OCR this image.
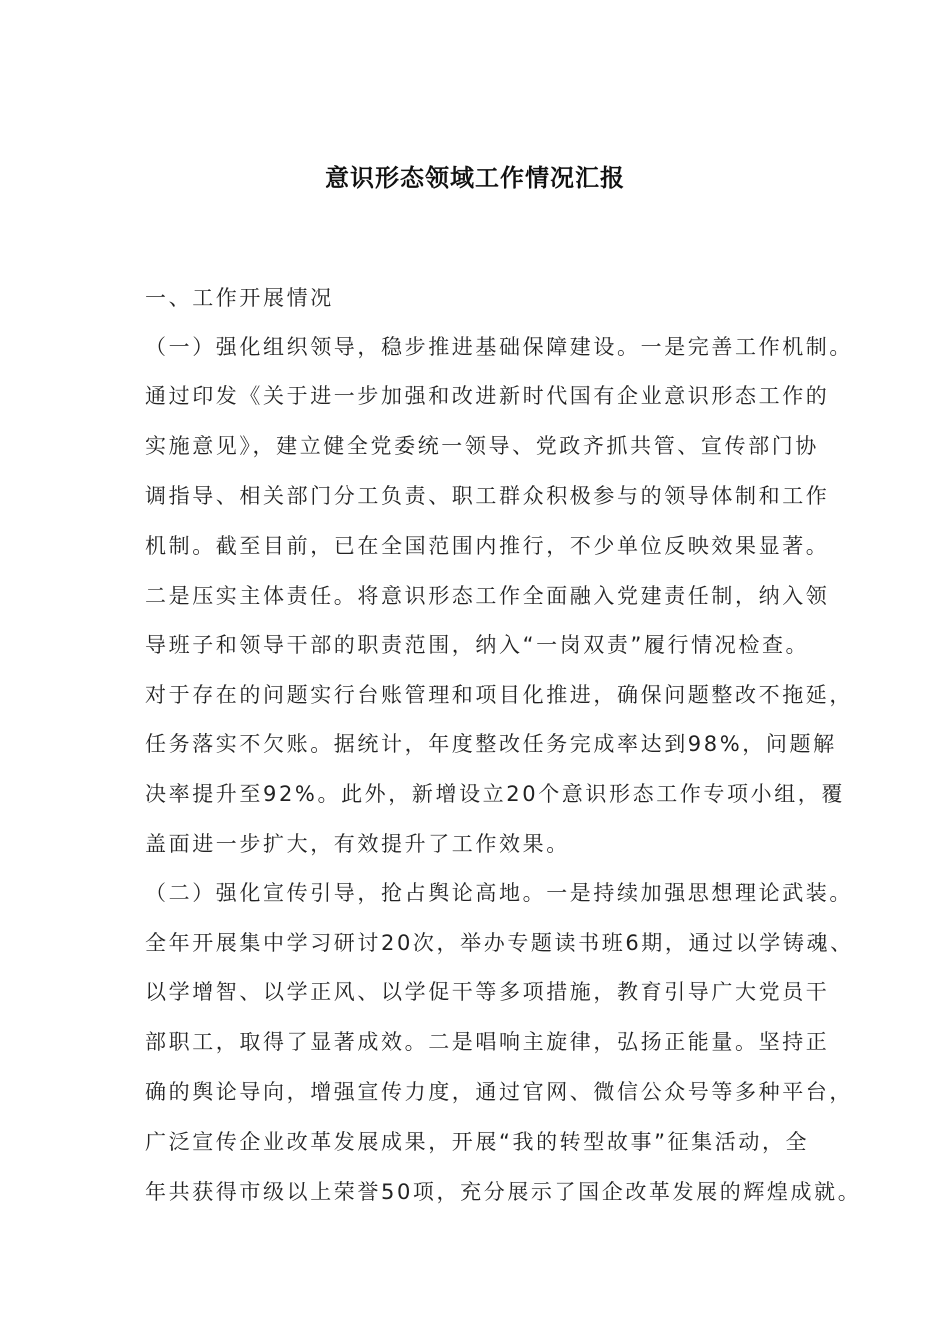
意识形态领域工作情况汇报
一、工作开展情况
（一）强化组织领导，稳步推进基础保障建设。一是完善工作机制。
通过印发《关于进一步加强和改进新时代国有企业意识形态工作的
实施意见》，建立健全党委统一领导、党政齐抓共管、宣传部门协
调指导、相关部门分工负责、职工群众积极参与的领导体制和工作
机制。截至目前，已在全国范围内推行，不少单位反映效果显著。
二是压实主体责任。将意识形态工作全面融入党建责任制，纳入领
导班子和领导干部的职责范围，纳入“一岗双责”履行情况检查。
对于存在的问题实行台账管理和项目化推进，确保问题整改不拖延，
任务落实不欠账。据统计，年度整改任务完成率达到98%，问题解
决率提升至92%。此外，新增设立20个意识形态工作专项小组，覆
盖面进一步扩大，有效提升了工作效果。
（二）强化宣传引导，抢占舆论高地。一是持续加强思想理论武装。
全年开展集中学习研讨20次，举办专题读书班6期，通过以学铸魂、
以学增智、以学正风、以学促干等多项措施，教育引导广大党员干
部职工，取得了显著成效。二是唱响主旋律，弘扬正能量。坚持正
确的舆论导向，增强宣传力度，通过官网、微信公众号等多种平台，
广泛宣传企业改革发展成果，开展“我的转型故事”征集活动，全
年共获得市级以上荣誉50项，充分展示了国企改革发展的辉煌成就。
